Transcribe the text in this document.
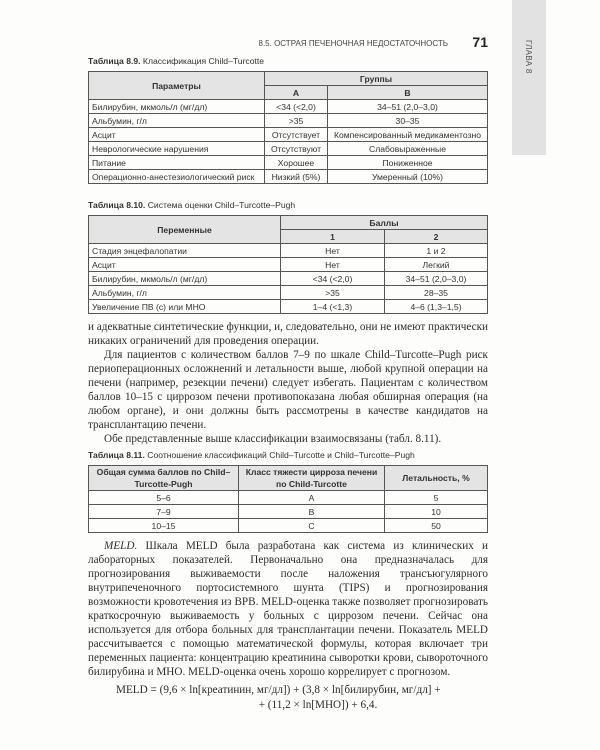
ГЛАВА 8
8.5. ОСТРАЯ ПЕЧЕНОЧНАЯ НЕДОСТАТОЧНОСТЬ 71
Таблица 8.9. Классификация Child–Turcotte
Параметры	Группы	
	A	B
Билирубин, мкмоль/л (мг/дл)	<34 (<2,0)	34–51 (2,0–3,0)
Альбумин, г/л	>35	30–35
Асцит	Отсутствует	Компенсированный медикаментозно
Неврологические нарушения	Отсутствуют	Слабовыраженные
Питание	Хорошее	Пониженное
Операционно-анестезиологический риск	Низкий (5%)	Умеренный (10%)
Таблица 8.10. Система оценки Child–Turcotte–Pugh
Переменные	Баллы	
	1	2
Стадия энцефалопатии	Нет	1 и 2
Асцит	Нет	Легкий
Билирубин, мкмоль/л (мг/дл)	<34 (<2,0)	34–51 (2,0–3,0)
Альбумин, г/л	>35	28–35
Увеличение ПВ (с) или МНО	1–4 (<1,3)	4–6 (1,3–1,5)

и адекватные синтетические функции, и, следовательно, они не имеют практически никаких ограничений для проведения операции.

Для пациентов с количеством баллов 7–9 по шкале Child–Turcotte–Pugh риск периоперационных осложнений и летальности выше, любой крупной операции на печени (например, резекции печени) следует избегать. Пациентам с количеством баллов 10–15 с циррозом печени противопоказана любая обширная операция (на любом органе), и они должны быть рассмотрены в качестве кандидатов на трансплантацию печени.

Обе представленные выше классификации взаимосвязаны (табл. 8.11).

Таблица 8.11. Соотношение классификаций Child–Turcotte и Child–Turcotte–Pugh
Общая сумма баллов по Child–Turcotte-Pugh	Класс тяжести цирроза печени по Child-Turcotte	Летальность, %
5–6	A	5
7–9	B	10
10–15	C	50

MELD. Шкала MELD была разработана как система из клинических и лабораторных показателей. Первоначально она предназначалась для прогнозирования выживаемости после наложения трансъюгулярного внутрипеченочного портосистемного шунта (TIPS) и прогнозирования возможности кровотечения из ВРВ. MELD-оценка также позволяет прогнозировать краткосрочную выживаемость у больных с циррозом печени. Сейчас она используется для отбора больных для трансплантации печени. Показатель MELD рассчитывается с помощью математической формулы, которая включает три переменных пациента: концентрацию креатинина сыворотки крови, сывороточного билирубина и МНО. MELD-оценка очень хорошо коррелирует с прогнозом.

MELD = (9,6 × ln[креатинин, мг/дл]) + (3,8 × ln[билирубин, мг/дл] +
+ (11,2 × ln[МНО]) + 6,4.
